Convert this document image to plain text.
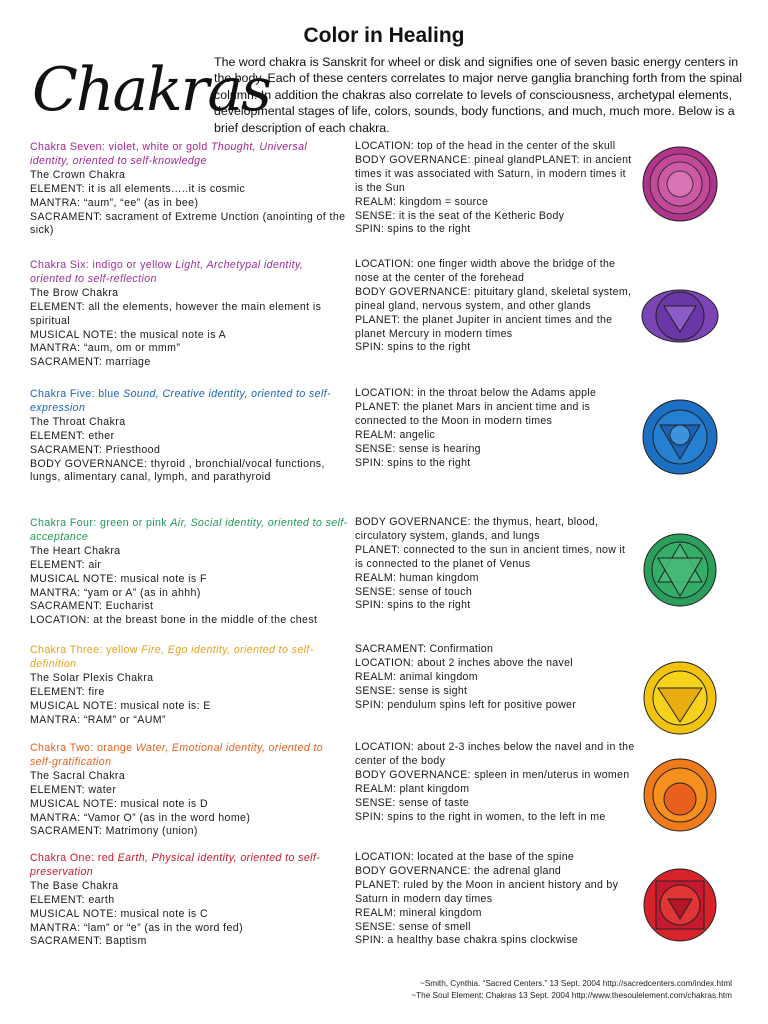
Color in Healing
Chakras
The word chakra is Sanskrit for wheel or disk and signifies one of seven basic energy centers in the body. Each of these centers correlates to major nerve ganglia branching forth from the spinal column. In addition the chakras also correlate to levels of consciousness, archetypal elements, developmental stages of life, colors, sounds, body functions, and much, much more. Below is a brief description of each chakra.
Chakra Seven: violet, white or gold Thought, Universal identity, oriented to self-knowledge
The Crown Chakra
ELEMENT: it is all elements…..it is cosmic
MANTRA: “aum”, “ee” (as in bee)
SACRAMENT: sacrament of Extreme Unction (anointing of the sick)
LOCATION: top of the head in the center of the skull
BODY GOVERNANCE: pineal glandPLANET: in ancient times it was associated with Saturn, in modern times it is the Sun
REALM: kingdom = source
SENSE: it is the seat of the Ketheric Body
SPIN: spins to the right
Chakra Six: indigo or yellow Light, Archetypal identity, oriented to self-reflection
The Brow Chakra
ELEMENT: all the elements, however the main element is spiritual
MUSICAL NOTE: the musical note is A
MANTRA: “aum, om or mmm”
SACRAMENT: marriage
LOCATION: one finger width above the bridge of the nose at the center of the forehead
BODY GOVERNANCE: pituitary gland, skeletal system, pineal gland, nervous system, and other glands
PLANET: the planet Jupiter in ancient times and the planet Mercury in modern times
SPIN: spins to the right
Chakra Five: blue Sound, Creative identity, oriented to self-expression
The Throat Chakra
ELEMENT: ether
SACRAMENT: Priesthood
BODY GOVERNANCE: thyroid , bronchial/vocal functions, lungs, alimentary canal, lymph, and parathyroid
LOCATION: in the throat below the Adams apple
PLANET: the planet Mars in ancient time and is connected to the Moon in modern times
REALM: angelic
SENSE: sense is hearing
SPIN: spins to the right
Chakra Four: green or pink Air, Social identity, oriented to self-acceptance
The Heart Chakra
ELEMENT: air
MUSICAL NOTE: musical note is F
MANTRA: “yam or A” (as in ahhh)
SACRAMENT: Eucharist
LOCATION: at the breast bone in the middle of the chest
BODY GOVERNANCE: the thymus, heart, blood, circulatory system, glands, and lungs
PLANET: connected to the sun in ancient times, now it is connected to the planet of Venus
REALM: human kingdom
SENSE: sense of touch
SPIN: spins to the right
Chakra Three: yellow Fire, Ego identity, oriented to self-definition
The Solar Plexis Chakra
ELEMENT: fire
MUSICAL NOTE: musical note is: E
MANTRA: “RAM” or “AUM”
SACRAMENT: Confirmation
LOCATION: about 2 inches above the navel
REALM: animal kingdom
SENSE: sense is sight
SPIN: pendulum spins left for positive power
Chakra Two: orange Water, Emotional identity, oriented to self-gratification
The Sacral Chakra
ELEMENT: water
MUSICAL NOTE: musical note is D
MANTRA: “Vamor O” (as in the word home)
SACRAMENT: Matrimony (union)
LOCATION: about 2-3 inches below the navel and in the center of the body
BODY GOVERNANCE: spleen in men/uterus in women
REALM: plant kingdom
SENSE: sense of taste
SPIN: spins to the right in women, to the left in me
Chakra One: red Earth, Physical identity, oriented to self-preservation
The Base Chakra
ELEMENT: earth
MUSICAL NOTE: musical note is C
MANTRA: “lam” or “e” (as in the word fed)
SACRAMENT: Baptism
LOCATION: located at the base of the spine
BODY GOVERNANCE: the adrenal gland
PLANET: ruled by the Moon in ancient history and by Saturn in modern day times
REALM: mineral kingdom
SENSE: sense of smell
SPIN: a healthy base chakra spins clockwise
~Smith, Cynthia. “Sacred Centers.” 13 Sept. 2004 http://sacredcenters.com/index.html
~The Soul Element: Chakras 13 Sept. 2004 http://www.thesoulelement.com/chakras.htm
